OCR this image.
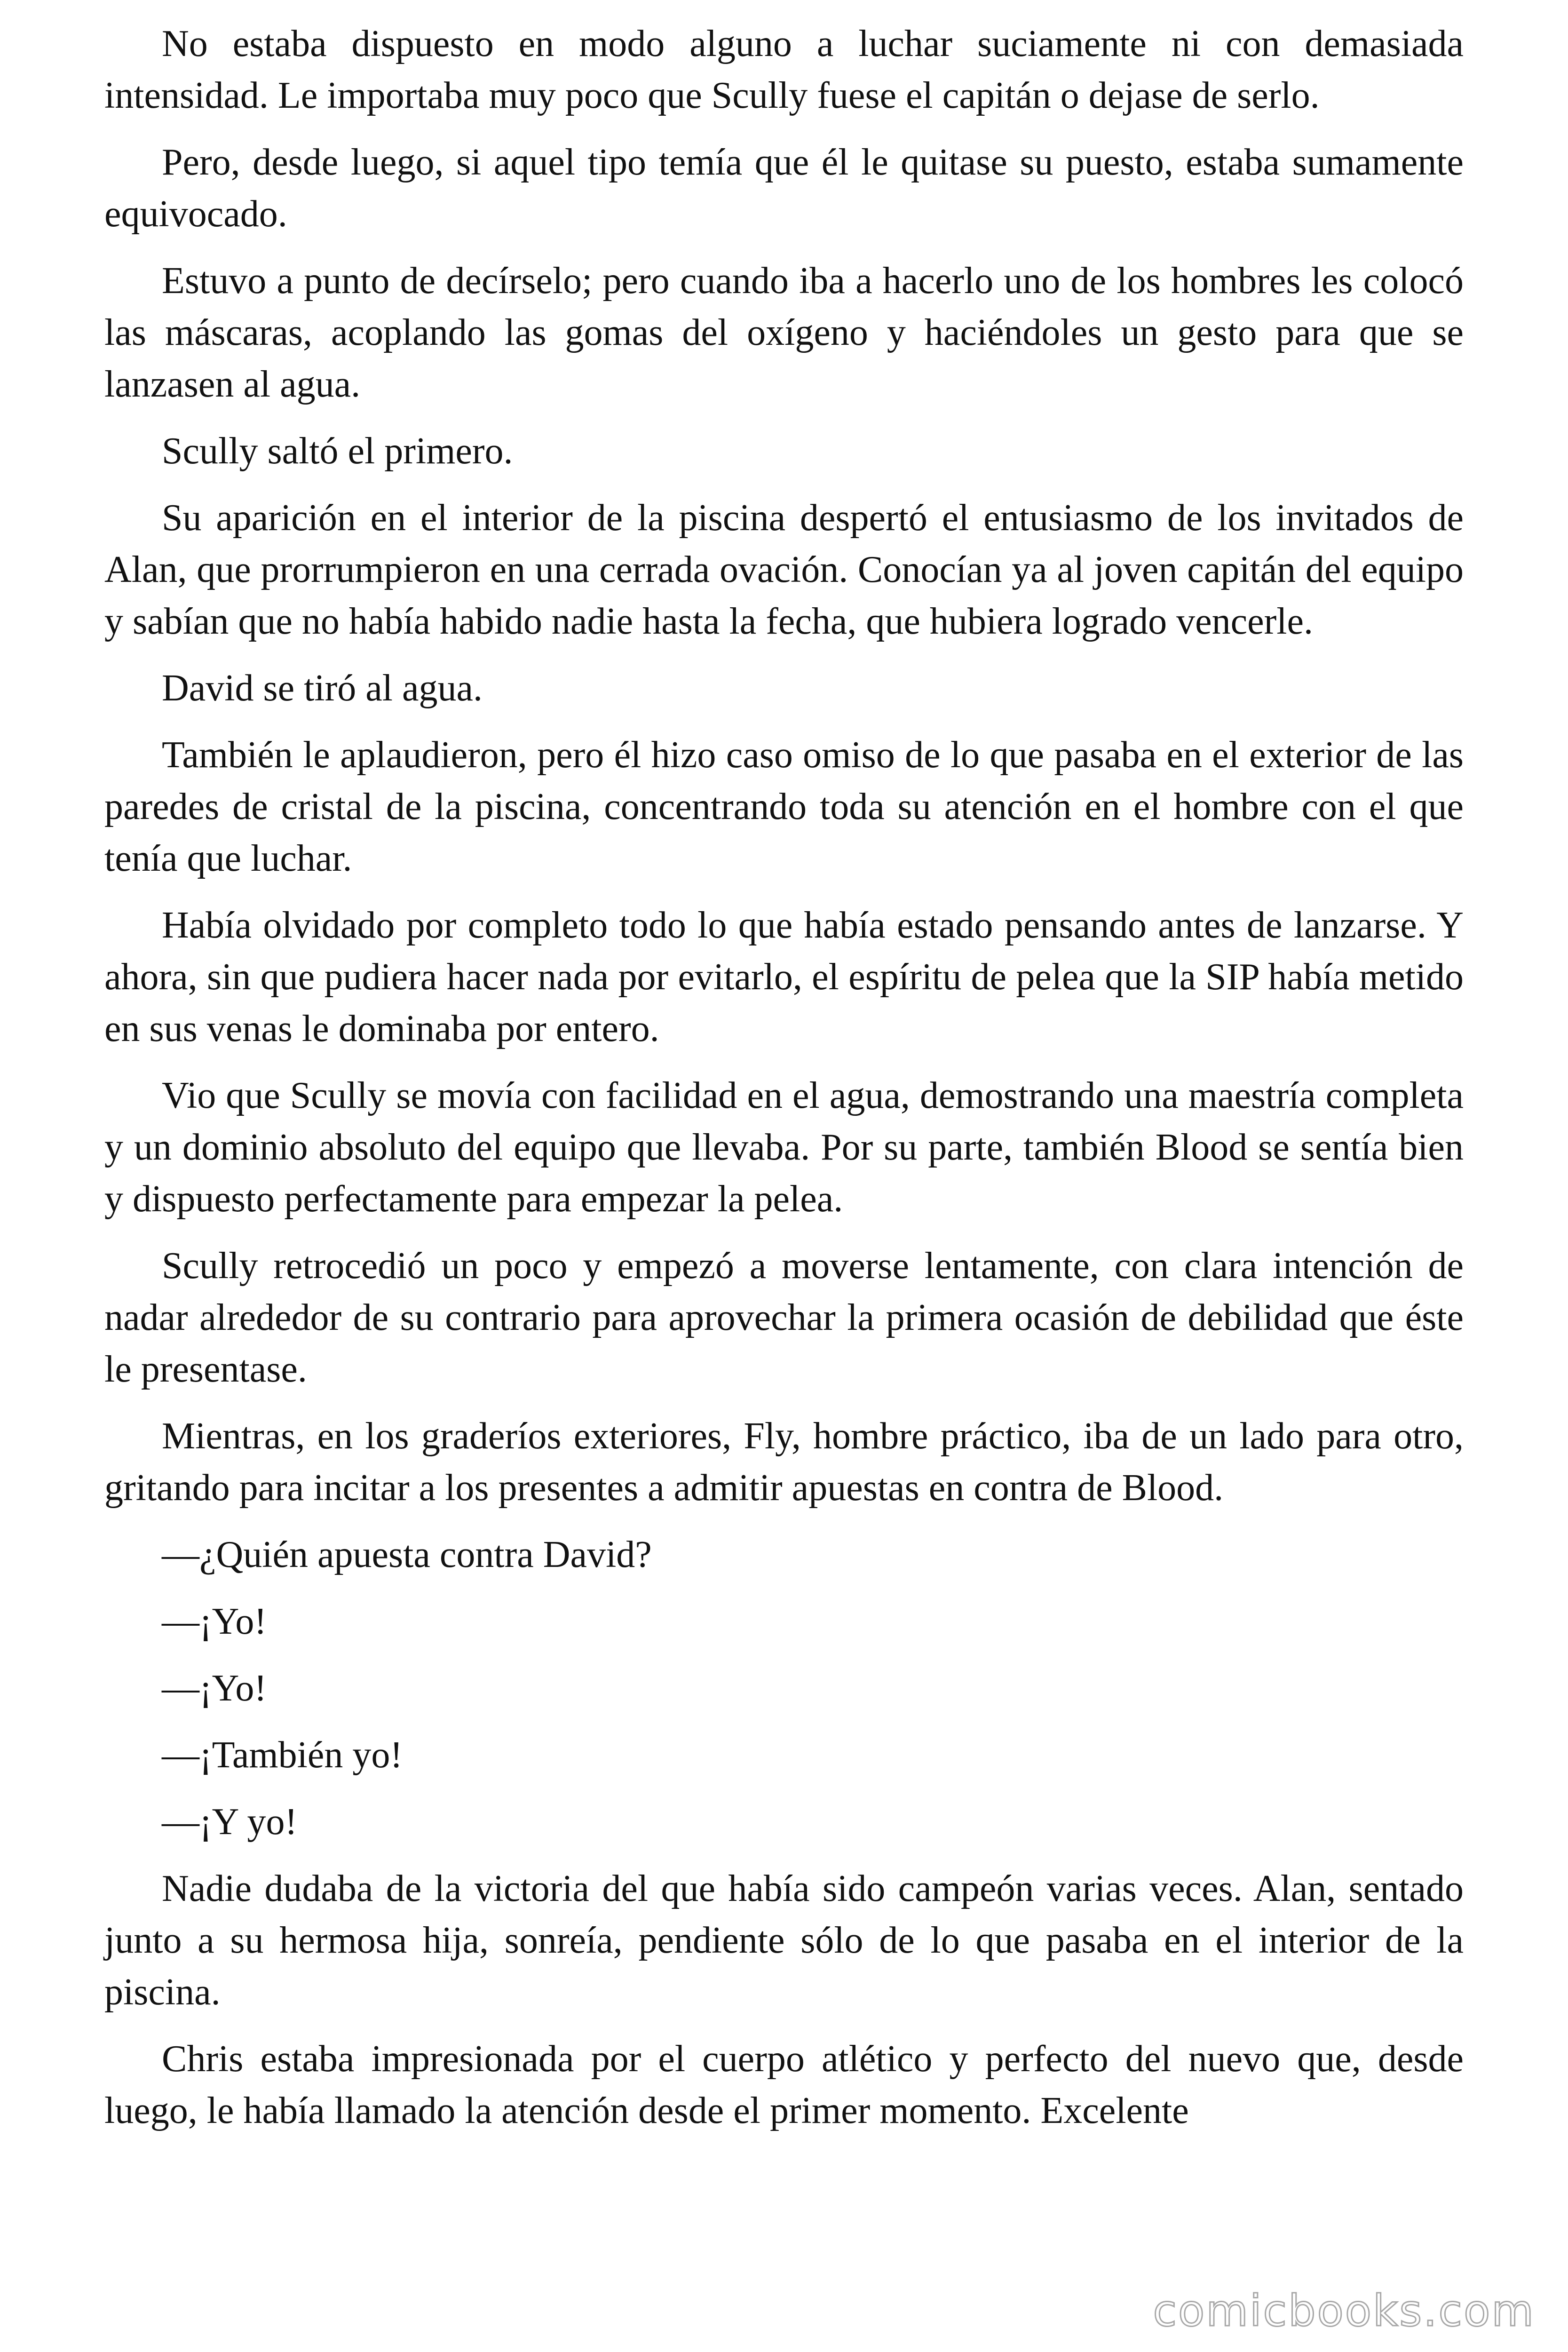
No estaba dispuesto en modo alguno a luchar suciamente ni con demasiada intensidad. Le importaba muy poco que Scully fuese el capitán o dejase de serlo.

Pero, desde luego, si aquel tipo temía que él le quitase su puesto, estaba sumamente equivocado.

Estuvo a punto de decírselo; pero cuando iba a hacerlo uno de los hombres les colocó las máscaras, acoplando las gomas del oxígeno y haciéndoles un gesto para que se lanzasen al agua.

Scully saltó el primero.

Su aparición en el interior de la piscina despertó el entusiasmo de los invitados de Alan, que prorrumpieron en una cerrada ovación. Conocían ya al joven capitán del equipo y sabían que no había habido nadie hasta la fecha, que hubiera logrado vencerle.

David se tiró al agua.

También le aplaudieron, pero él hizo caso omiso de lo que pasaba en el exterior de las paredes de cristal de la piscina, concentrando toda su atención en el hombre con el que tenía que luchar.

Había olvidado por completo todo lo que había estado pensando antes de lanzarse. Y ahora, sin que pudiera hacer nada por evitarlo, el espíritu de pelea que la SIP había metido en sus venas le dominaba por entero.

Vio que Scully se movía con facilidad en el agua, demostrando una maestría completa y un dominio absoluto del equipo que llevaba. Por su parte, también Blood se sentía bien y dispuesto perfectamente para empezar la pelea.

Scully retrocedió un poco y empezó a moverse lentamente, con clara intención de nadar alrededor de su contrario para aprovechar la primera ocasión de debilidad que éste le presentase.

Mientras, en los graderíos exteriores, Fly, hombre práctico, iba de un lado para otro, gritando para incitar a los presentes a admitir apuestas en contra de Blood.

—¿Quién apuesta contra David?

—¡Yo!

—¡Yo!

—¡También yo!

—¡Y yo!

Nadie dudaba de la victoria del que había sido campeón varias veces. Alan, sentado junto a su hermosa hija, sonreía, pendiente sólo de lo que pasaba en el interior de la piscina.

Chris estaba impresionada por el cuerpo atlético y perfecto del nuevo que, desde luego, le había llamado la atención desde el primer momento. Excelente

comicbooks.com
